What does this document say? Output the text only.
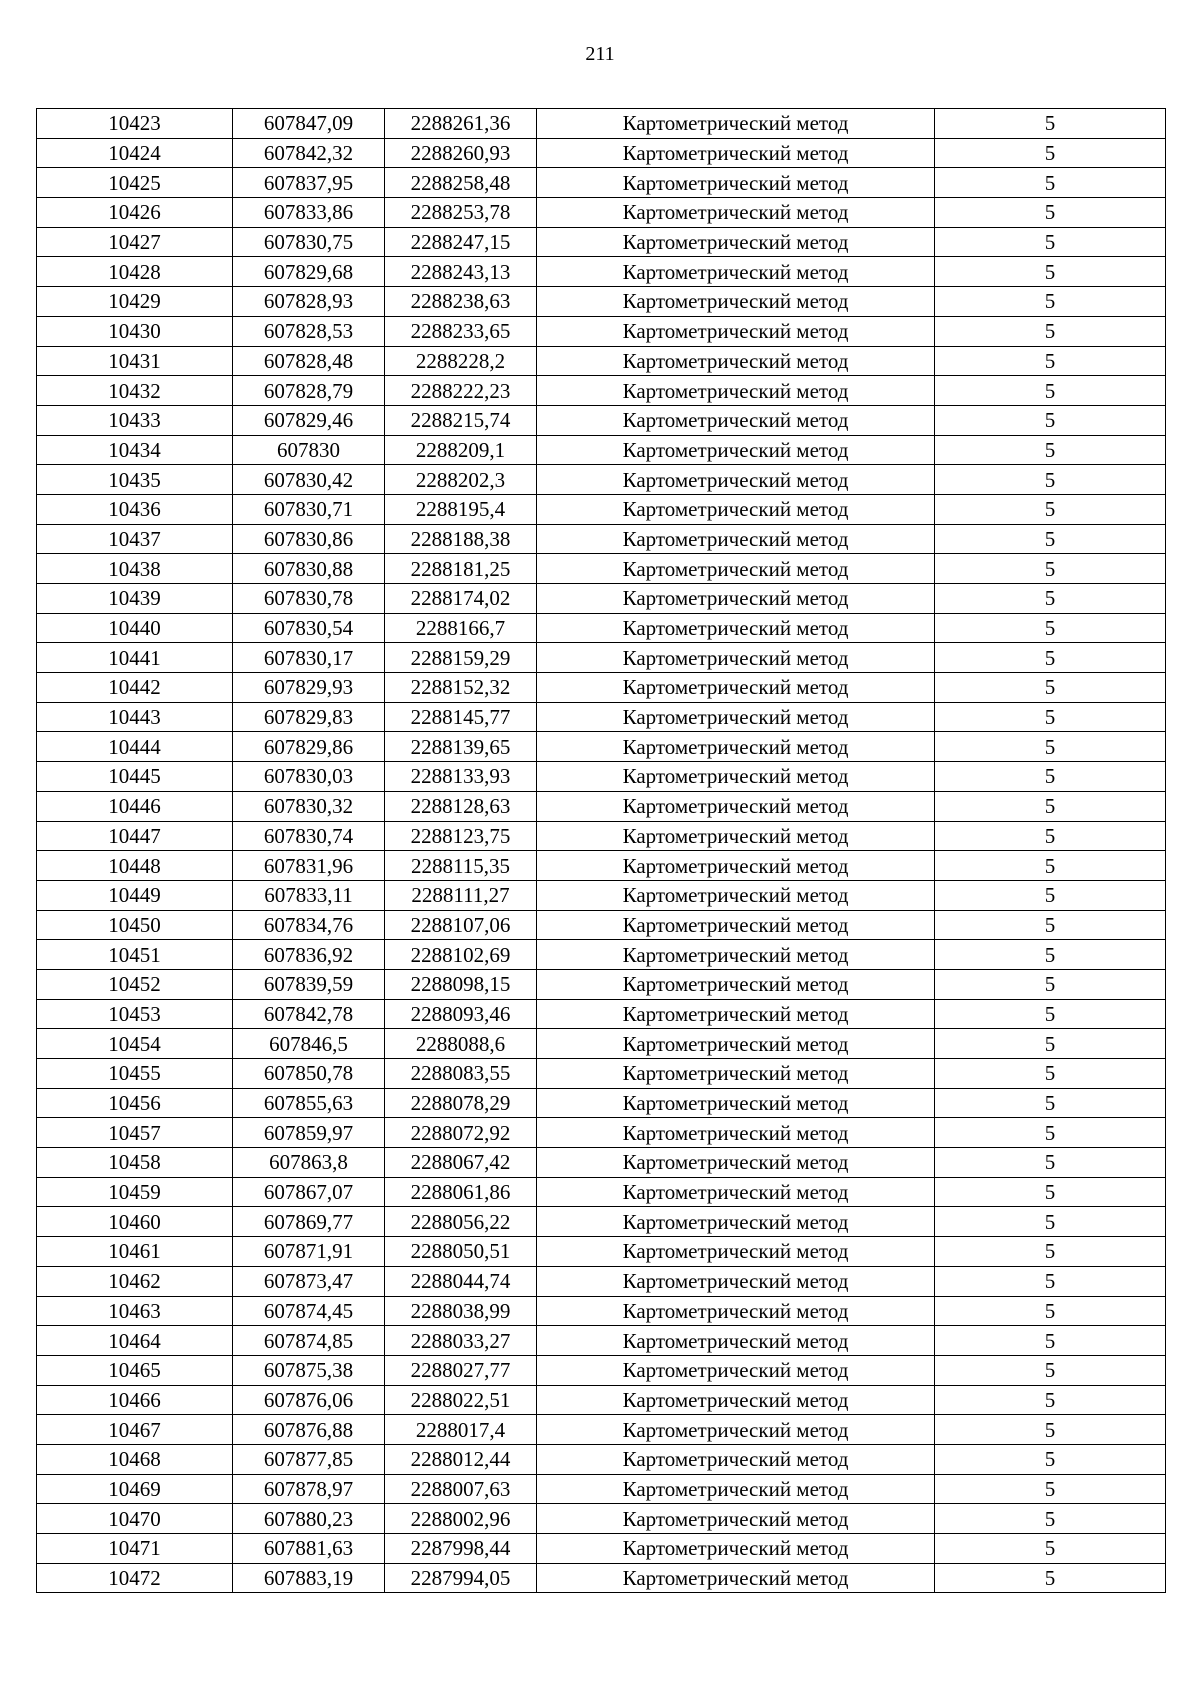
211
10423	607847,09	2288261,36	Картометрический метод	5
10424	607842,32	2288260,93	Картометрический метод	5
10425	607837,95	2288258,48	Картометрический метод	5
10426	607833,86	2288253,78	Картометрический метод	5
10427	607830,75	2288247,15	Картометрический метод	5
10428	607829,68	2288243,13	Картометрический метод	5
10429	607828,93	2288238,63	Картометрический метод	5
10430	607828,53	2288233,65	Картометрический метод	5
10431	607828,48	2288228,2	Картометрический метод	5
10432	607828,79	2288222,23	Картометрический метод	5
10433	607829,46	2288215,74	Картометрический метод	5
10434	607830	2288209,1	Картометрический метод	5
10435	607830,42	2288202,3	Картометрический метод	5
10436	607830,71	2288195,4	Картометрический метод	5
10437	607830,86	2288188,38	Картометрический метод	5
10438	607830,88	2288181,25	Картометрический метод	5
10439	607830,78	2288174,02	Картометрический метод	5
10440	607830,54	2288166,7	Картометрический метод	5
10441	607830,17	2288159,29	Картометрический метод	5
10442	607829,93	2288152,32	Картометрический метод	5
10443	607829,83	2288145,77	Картометрический метод	5
10444	607829,86	2288139,65	Картометрический метод	5
10445	607830,03	2288133,93	Картометрический метод	5
10446	607830,32	2288128,63	Картометрический метод	5
10447	607830,74	2288123,75	Картометрический метод	5
10448	607831,96	2288115,35	Картометрический метод	5
10449	607833,11	2288111,27	Картометрический метод	5
10450	607834,76	2288107,06	Картометрический метод	5
10451	607836,92	2288102,69	Картометрический метод	5
10452	607839,59	2288098,15	Картометрический метод	5
10453	607842,78	2288093,46	Картометрический метод	5
10454	607846,5	2288088,6	Картометрический метод	5
10455	607850,78	2288083,55	Картометрический метод	5
10456	607855,63	2288078,29	Картометрический метод	5
10457	607859,97	2288072,92	Картометрический метод	5
10458	607863,8	2288067,42	Картометрический метод	5
10459	607867,07	2288061,86	Картометрический метод	5
10460	607869,77	2288056,22	Картометрический метод	5
10461	607871,91	2288050,51	Картометрический метод	5
10462	607873,47	2288044,74	Картометрический метод	5
10463	607874,45	2288038,99	Картометрический метод	5
10464	607874,85	2288033,27	Картометрический метод	5
10465	607875,38	2288027,77	Картометрический метод	5
10466	607876,06	2288022,51	Картометрический метод	5
10467	607876,88	2288017,4	Картометрический метод	5
10468	607877,85	2288012,44	Картометрический метод	5
10469	607878,97	2288007,63	Картометрический метод	5
10470	607880,23	2288002,96	Картометрический метод	5
10471	607881,63	2287998,44	Картометрический метод	5
10472	607883,19	2287994,05	Картометрический метод	5
